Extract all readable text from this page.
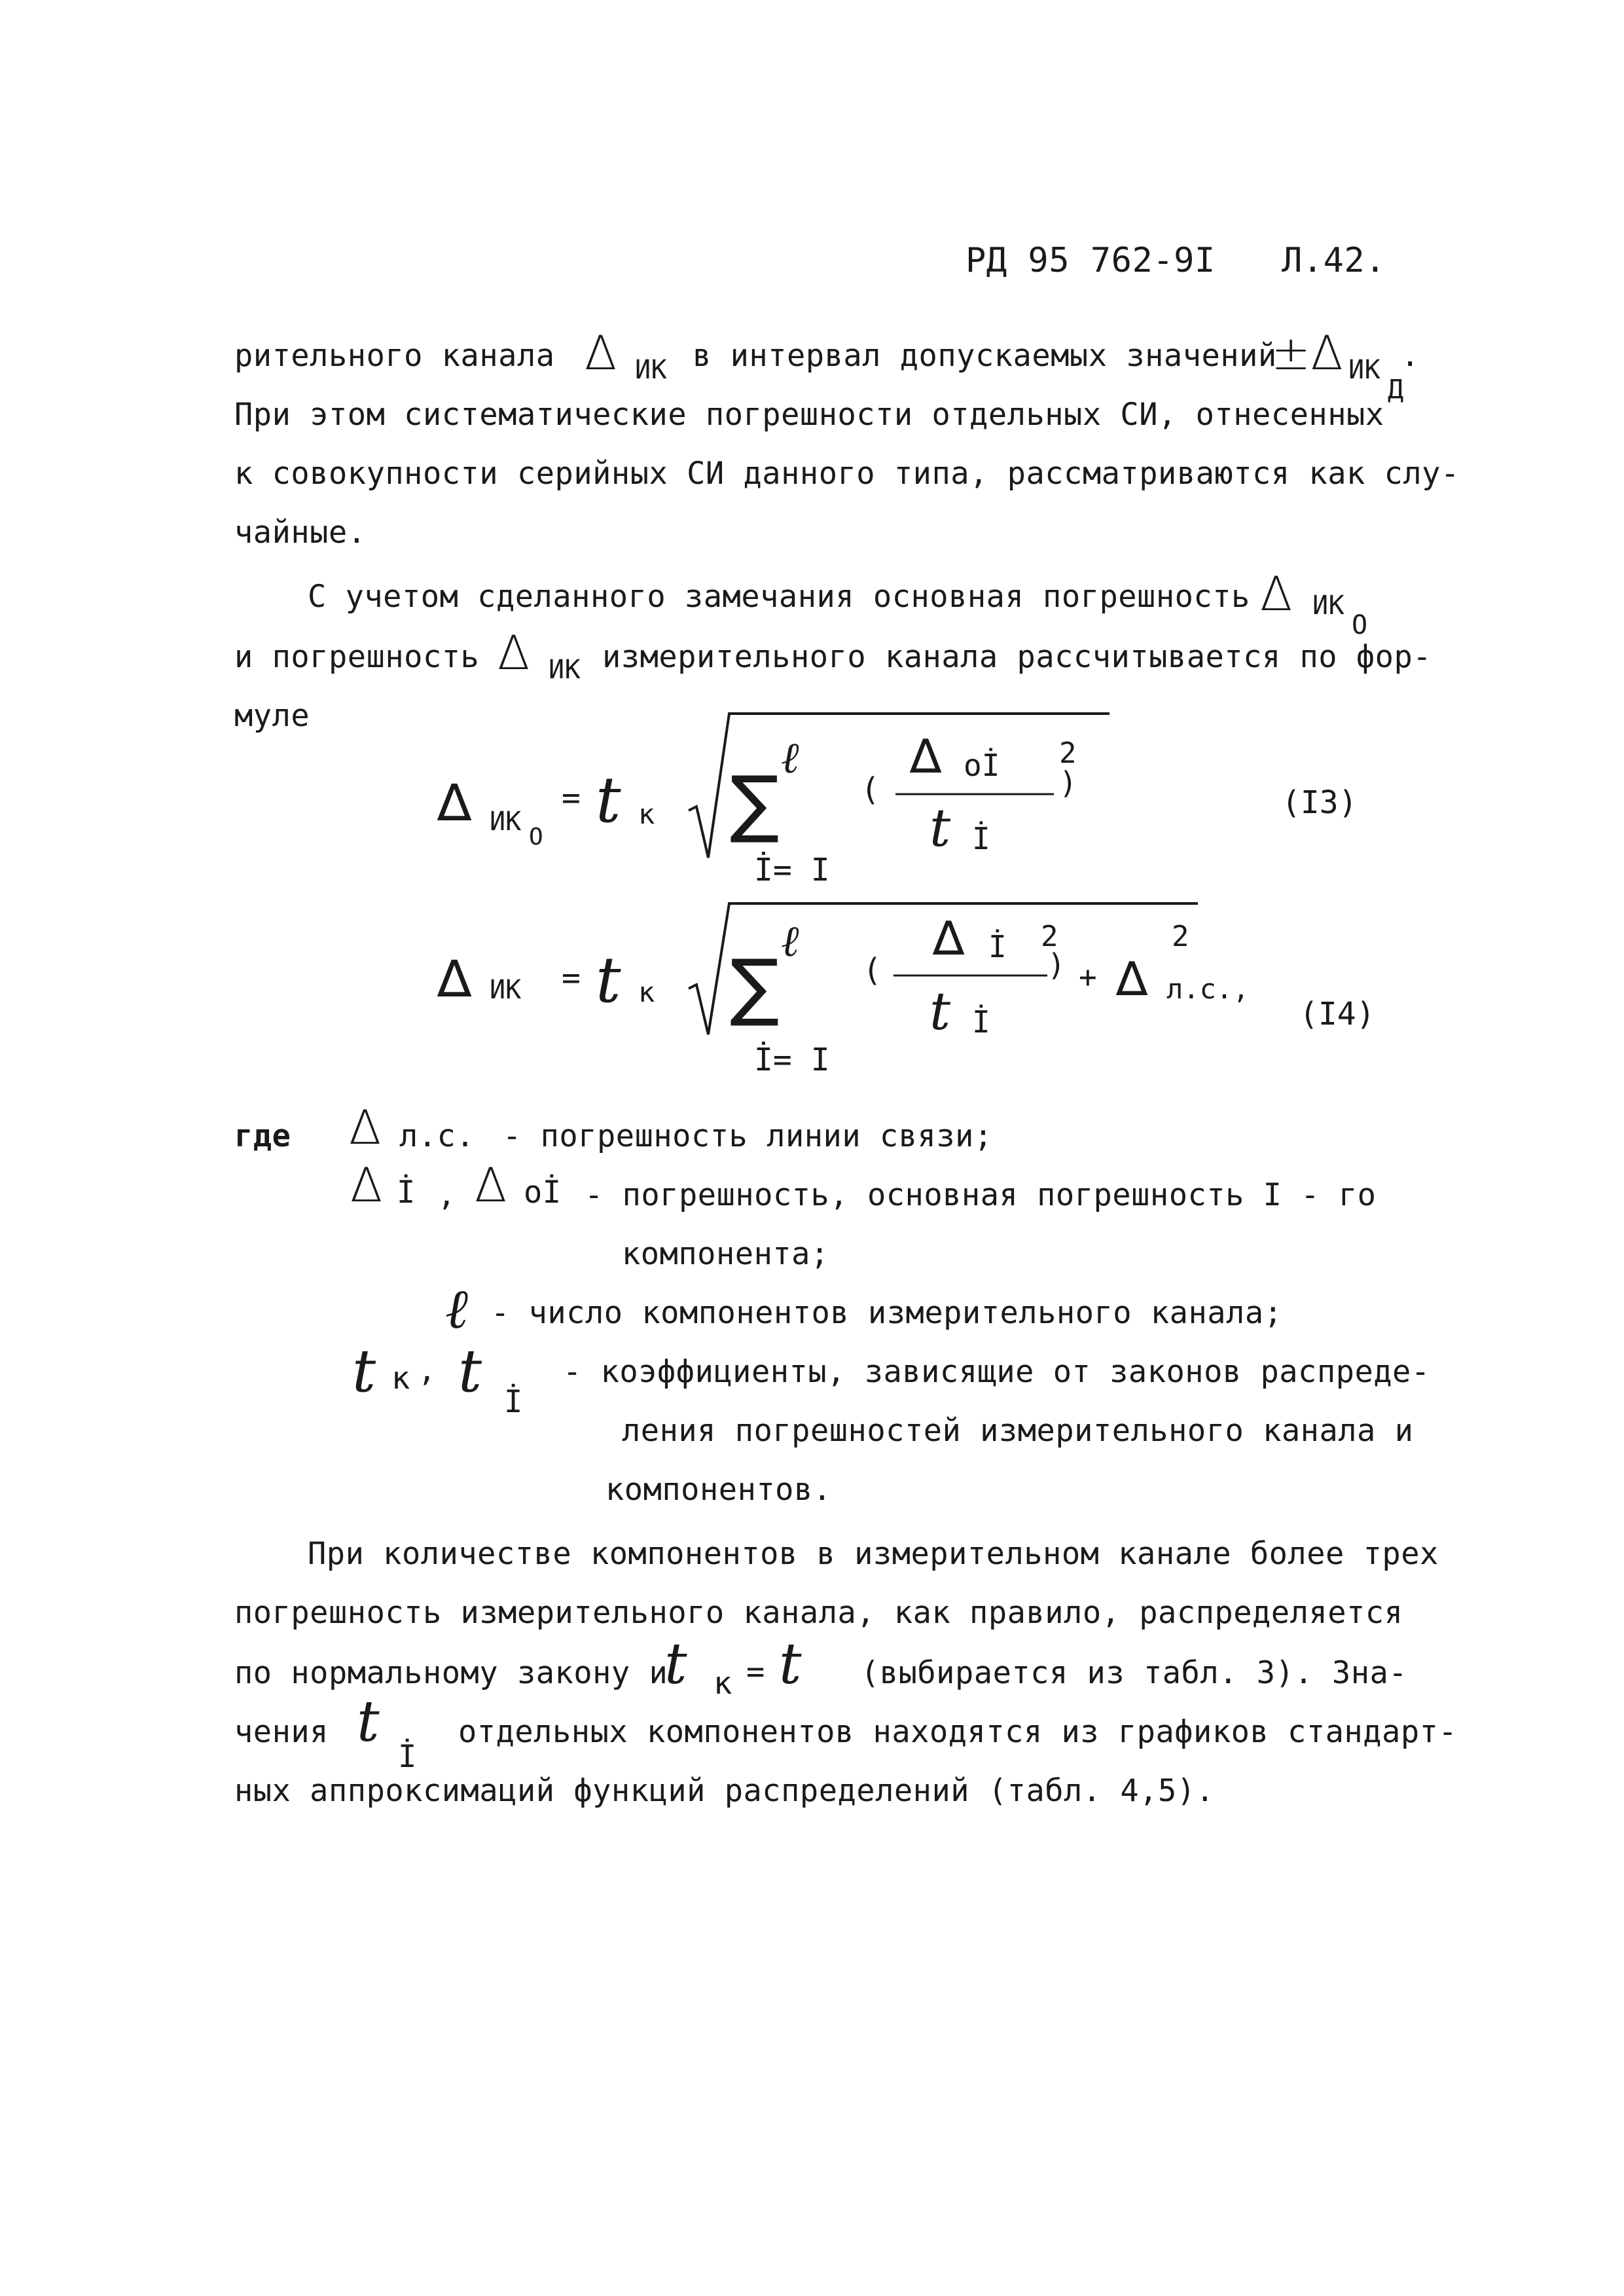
РД 95 762-9I Л.42.
рительного канала ∆ ИК в интервал допускаемых значений
±∆ ИК
Д
.
При этом систематические погрешности отдельных СИ, отнесенных
к совокупности серийных СИ данного типа, рассматриваются как слу-
чайные.
С учетом сделанного замечания основная погрешность ∆ ИК
О
и погрешность ∆ ИК измерительного канала рассчитывается по фор-
муле
∆ ИК
О
= t к
ℓ
∑
İ= I
(
∆ oİ
t İ
)
2
(I3)
∆ ИК = t к
ℓ
∑
İ= I
(
∆ İ
t İ
)
2
+ ∆ л.с.,
2
(I4)
где ∆ л.с. - погрешность линии связи;
∆ İ , ∆ oİ - погрешность, основная погрешность I - го
компонента;
ℓ - число компонентов измерительного канала;
t к , t İ
- коэффициенты, зависящие от законов распреде-
ления погрешностей измерительного канала и
компонентов.
При количестве компонентов в измерительном канале более трех
погрешность измерительного канала, как правило, распределяется
по нормальному закону и
t к = t (выбирается из табл. 3). Зна-
чения t
İ
отдельных компонентов находятся из графиков стандарт-
ных аппроксимаций функций распределений (табл. 4,5).
